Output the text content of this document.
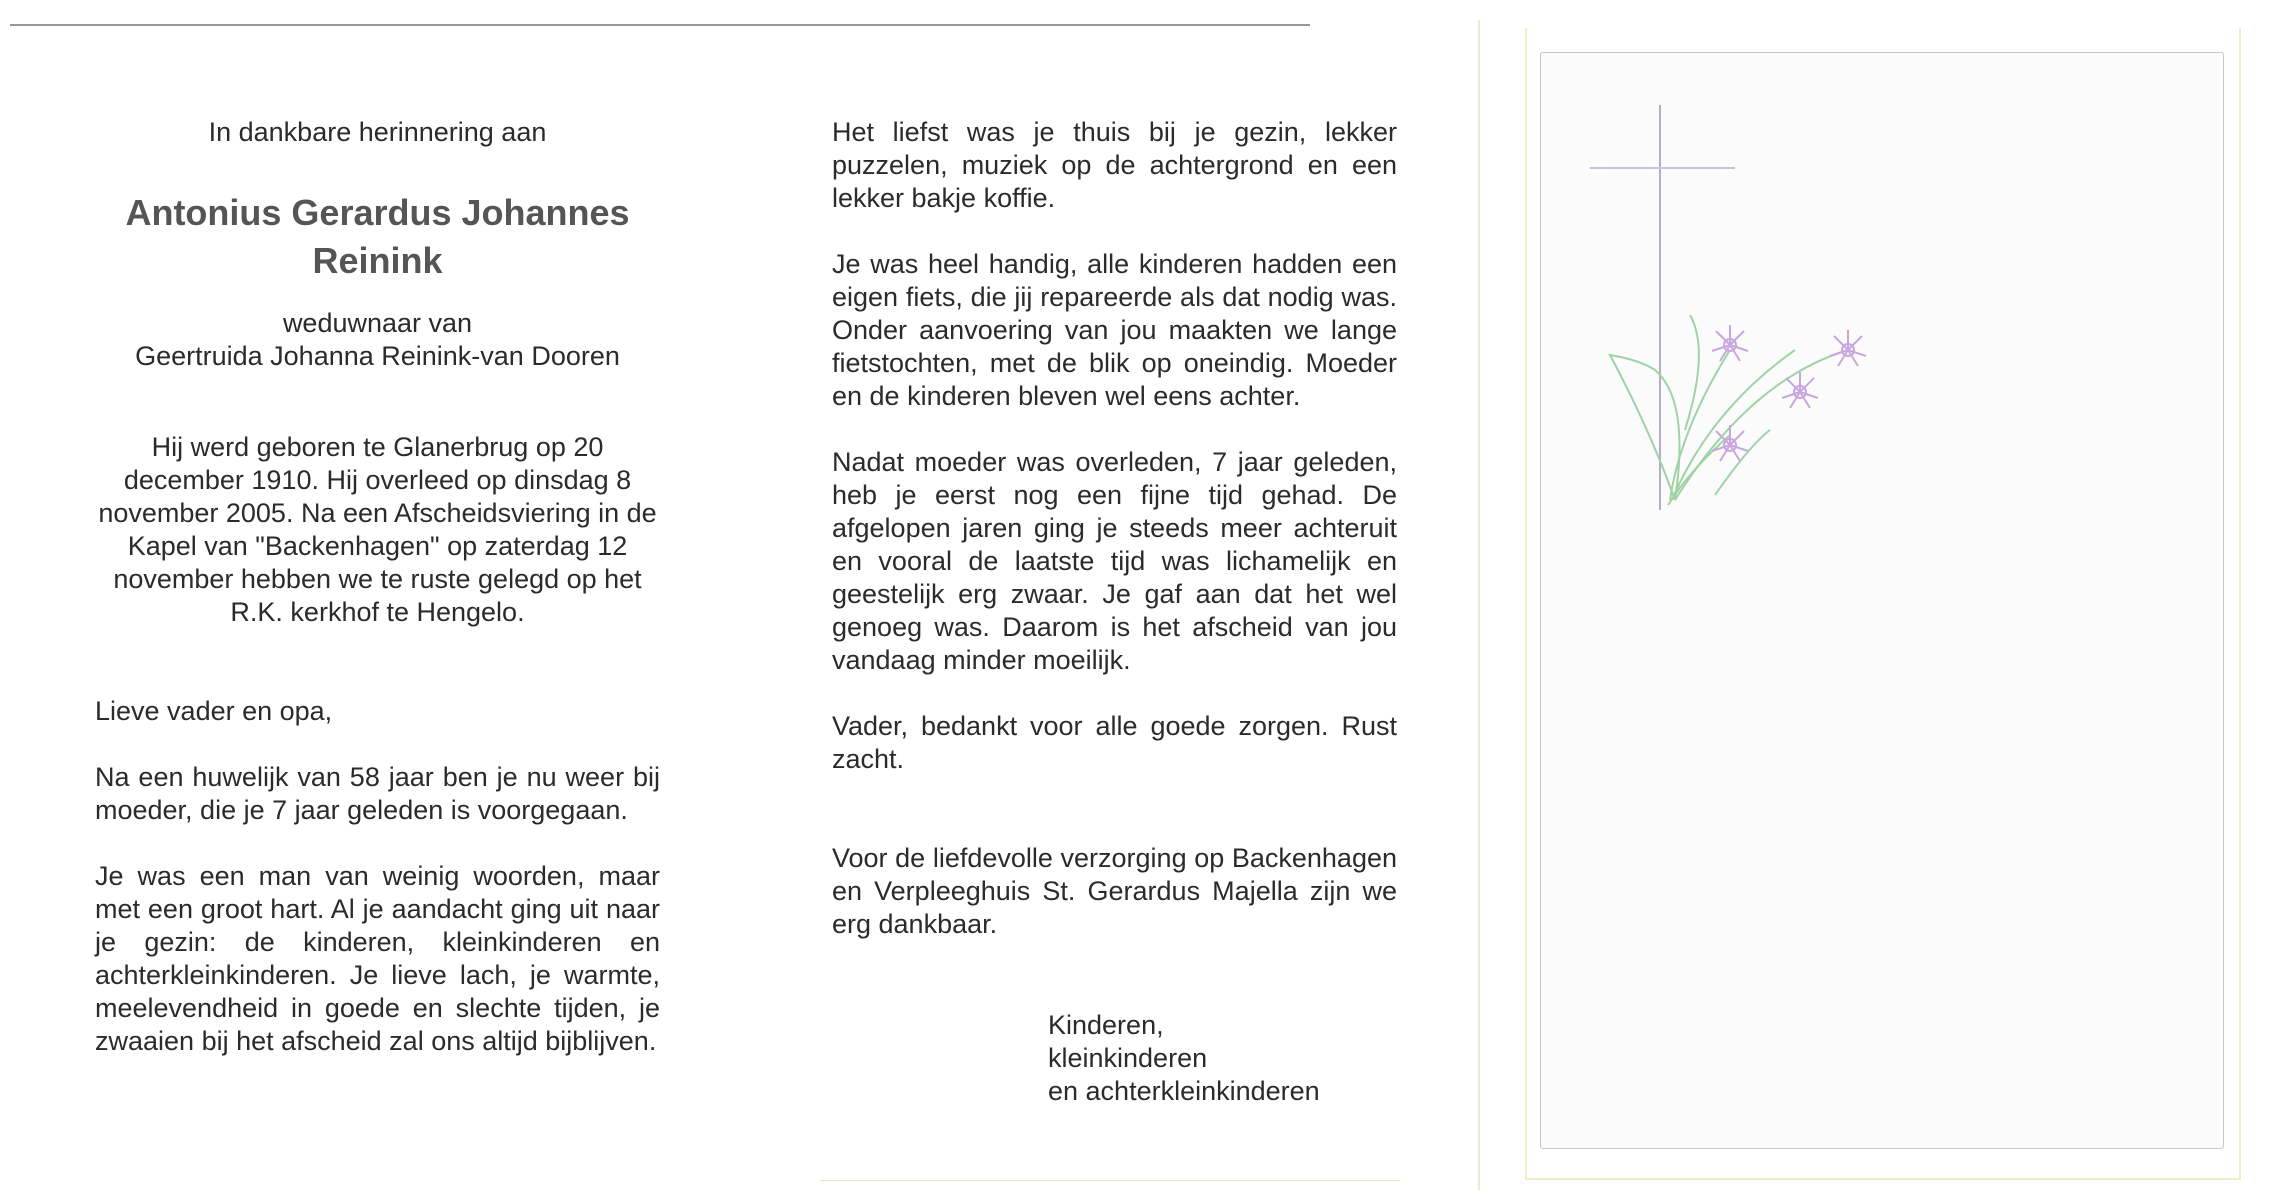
In dankbare herinnering aan

Antonius Gerardus Johannes

Reinink

weduwnaar van

Geertruida Johanna Reinink-van Dooren

Hij werd geboren te Glanerbrug op 20 december 1910. Hij overleed op dinsdag 8 november 2005. Na een Afscheidsviering in de Kapel van "Backenhagen" op zaterdag 12 november hebben we te ruste gelegd op het R.K. kerkhof te Hengelo.

Lieve vader en opa,

Na een huwelijk van 58 jaar ben je nu weer bij moeder, die je 7 jaar geleden is voorgegaan.

Je was een man van weinig woorden, maar met een groot hart. Al je aandacht ging uit naar je gezin: de kinderen, kleinkinderen en achterkleinkinderen. Je lieve lach, je warmte, meelevendheid in goede en slechte tijden, je zwaaien bij het afscheid zal ons altijd bijblijven.

Het liefst was je thuis bij je gezin, lekker puzzelen, muziek op de achtergrond en een lekker bakje koffie.

Je was heel handig, alle kinderen hadden een eigen fiets, die jij repareerde als dat nodig was. Onder aanvoering van jou maakten we lange fietstochten, met de blik op oneindig. Moeder en de kinderen bleven wel eens achter.

Nadat moeder was overleden, 7 jaar geleden, heb je eerst nog een fijne tijd gehad. De afgelopen jaren ging je steeds meer achteruit en vooral de laatste tijd was lichamelijk en geestelijk erg zwaar. Je gaf aan dat het wel genoeg was. Daarom is het afscheid van jou vandaag minder moeilijk.

Vader, bedankt voor alle goede zorgen. Rust zacht.

Voor de liefdevolle verzorging op Backenhagen en Verpleeghuis St. Gerardus Majella zijn we erg dankbaar.

Kinderen,

kleinkinderen

en achterkleinkinderen
